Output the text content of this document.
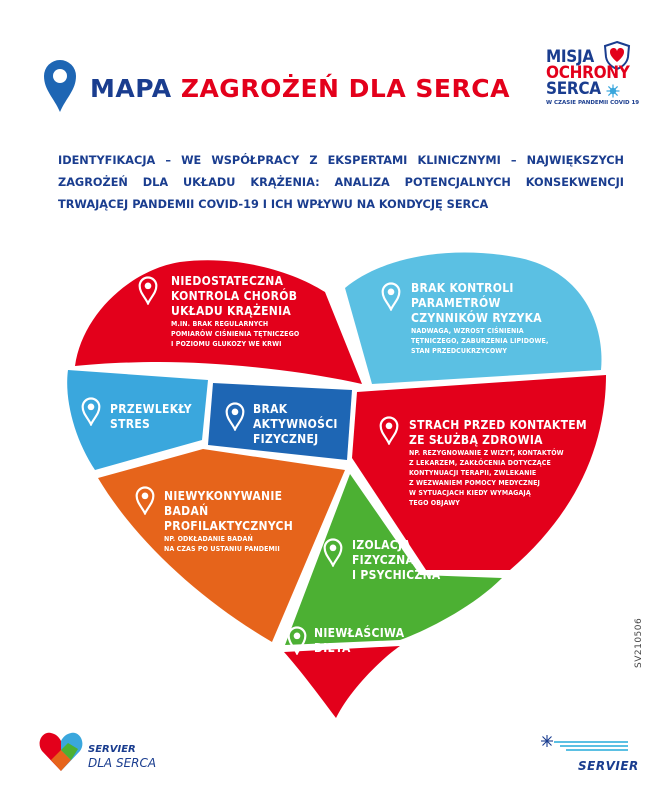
MAPA ZAGROŻEŃ DLA SERCA
MISJA
OCHRONY
SERCA
W CZASIE PANDEMII COVID 19
IDENTYFIKACJA – WE WSPÓŁPRACY Z EKSPERTAMI KLINICZNYMI – NAJWIĘKSZYCH ZAGROŻEŃ DLA UKŁADU KRĄŻENIA: ANALIZA POTENCJALNYCH KONSEKWENCJI TRWAJĄCEJ PANDEMII COVID-19 I ICH WPŁYWU NA KONDYCJĘ SERCA
NIEDOSTATECZNA
KONTROLA CHORÓB
UKŁADU KRĄŻENIA
M.IN. BRAK REGULARNYCH
POMIARÓW CIŚNIENIA TĘTNICZEGO
I POZIOMU GLUKOZY WE KRWI
BRAK KONTROLI
PARAMETRÓW
CZYNNIKÓW RYZYKA
NADWAGA, WZROST CIŚNIENIA
TĘTNICZEGO, ZABURZENIA LIPIDOWE,
STAN PRZEDCUKRZYCOWY
PRZEWLEKŁY
STRES
BRAK
AKTYWNOŚCI
FIZYCZNEJ
STRACH PRZED KONTAKTEM
ZE SŁUŻBĄ ZDROWIA
NP. REZYGNOWANIE Z WIZYT, KONTAKTÓW
Z LEKARZEM, ZAKŁÓCENIA DOTYCZĄCE
KONTYNUACJI TERAPII, ZWLEKANIE
Z WEZWANIEM POMOCY MEDYCZNEJ
W SYTUACJACH KIEDY WYMAGAJĄ
TEGO OBJAWY
NIEWYKONYWANIE
BADAŃ
PROFILAKTYCZNYCH
NP. ODKŁADANIE BADAŃ
NA CZAS PO USTANIU PANDEMII	IZOLACJA
FIZYCZNA
I PSYCHICZNA
NIEWŁAŚCIWA
DIETA	SV210506
SERVIER
DLA SERCA	SERVIER
